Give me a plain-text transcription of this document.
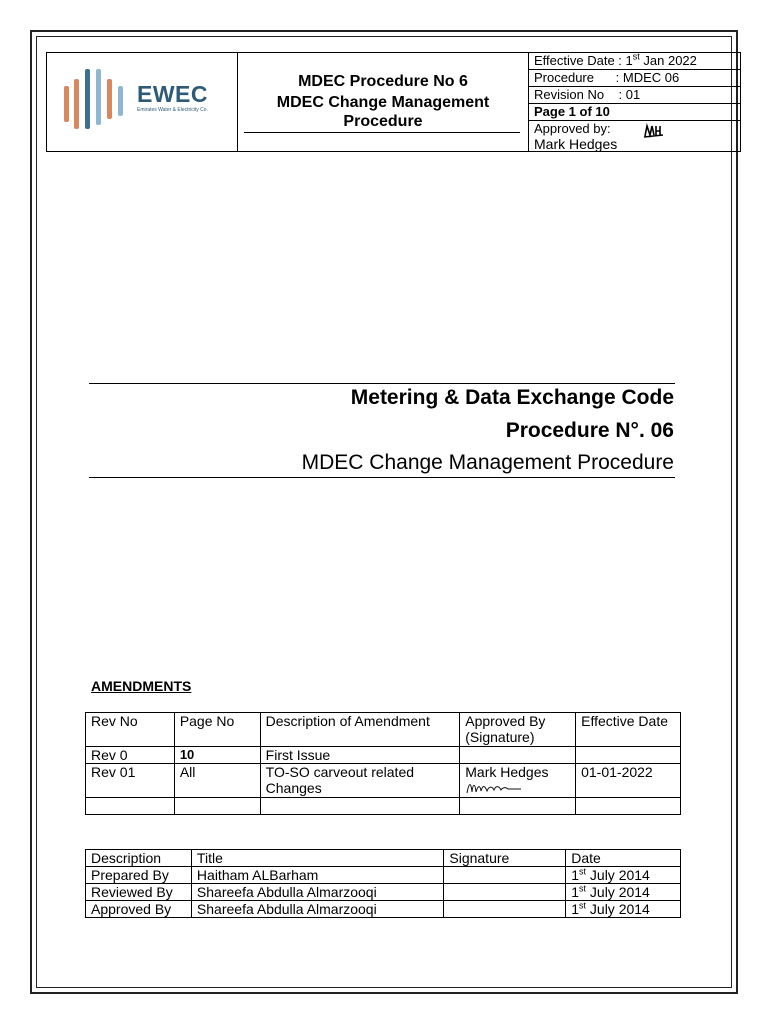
EWEC
Emirates Water & Electricity Co.
MDEC Procedure No 6
MDEC Change Management
Procedure
Effective Date : 1st Jan 2022
Procedure      : MDEC 06
Revision No    : 01
Page 1 of 10
Approved by:
Mark Hedges
Metering & Data Exchange Code
Procedure N°. 06
MDEC Change Management Procedure
AMENDMENTS
Rev No	Page No	Description of Amendment	Approved By (Signature)	Effective Date
Rev 0	10	First Issue		
Rev 01	All	TO-SO carveout related Changes	Mark Hedges	01-01-2022

Description	Title	Signature	Date
Prepared By	Haitham ALBarham		1st July 2014
Reviewed By	Shareefa Abdulla Almarzooqi		1st July 2014
Approved By	Shareefa Abdulla Almarzooqi		1st July 2014
